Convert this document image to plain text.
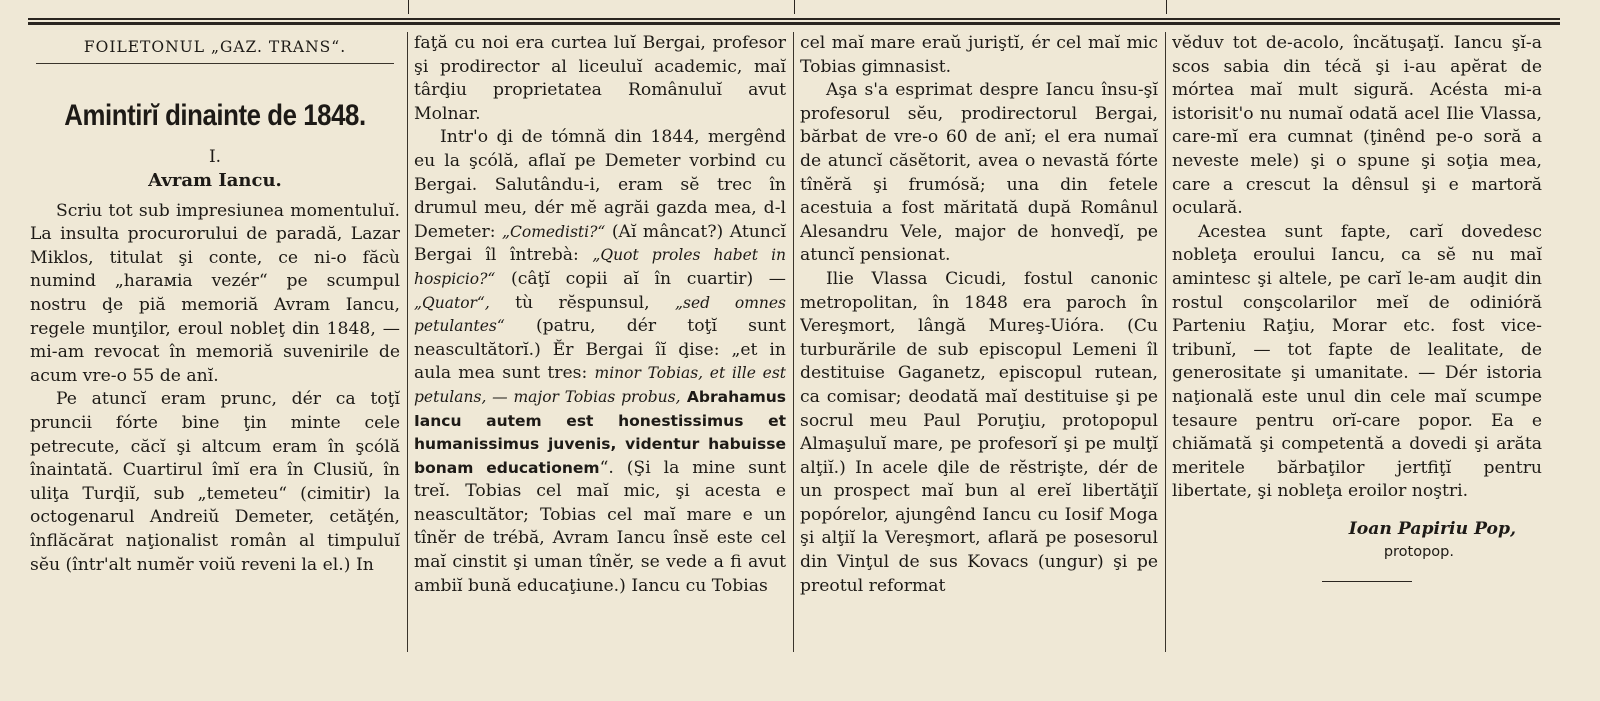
FOILETONUL „GAZ. TRANS“.
Amintirĭ dinainte de 1848.
I.
Avram Iancu.

Scriu tot sub impresiunea momentuluĭ. La insulta procurorului de paradă, Lazar Miklos, titulat şi conte, ce ni-o făcù numind „harамia vezér“ pe scumpul nostru ḑe piă memoriă Avram Iancu, regele munţilor, eroul nobleţ din 1848, — mi-am revocat în memoriă suvenirile de acum vre-o 55 de anĭ.

Pe atuncĭ eram prunc, dér ca toţĭ pruncii fórte bine ţin minte cele petrecute, căcĭ şi altcum eram în şcólă înaintată. Cuartirul îmĭ era în Clusiŭ, în uliţa Turḑiĭ, sub „temeteu“ (cimitir) la octogenarul Andreiŭ Demeter, cetăţén, înflăcărat naţionalist român al timpuluĭ sĕu (într'alt numĕr voiŭ reveni la el.) In

faţă cu noi era curtea luĭ Bergai, profesor şi prodirector al liceuluĭ academic, maĭ târḑiu proprietatea Românuluĭ avut Molnar.

Intr'o ḑi de tómnă din 1844, mergênd eu la şcólă, aflaĭ pe Demeter vorbind cu Bergai. Salutându-i, eram sĕ trec în drumul meu, dér mĕ agrăi gazda mea, d-l Demeter: „Comedisti?“ (Aĭ mâncat?) Atuncĭ Bergai îl întrebà: „Quot proles habet in hospicio?“ (câţĭ copii aĭ în cuartir) — „Quator“, tù rĕspunsul, „sed omnes petulantes“ (patru, dér toţĭ sunt neascultătorĭ.) Ĕr Bergai îĭ ḑise: „et in aula mea sunt tres: minor Tobias, et ille est petulans, — major Tobias probus, Abrahamus Iancu autem est honestissimus et humanissimus juvenis, videntur habuisse bonam educationem“. (Şi la mine sunt treĭ. Tobias cel maĭ mic, şi acesta e neascultător; Tobias cel maĭ mare e un tînĕr de trébă, Avram Iancu însĕ este cel maĭ cinstit şi uman tînĕr, se vede a fi avut ambiĭ bună educaţiune.) Iancu cu Tobias

cel maĭ mare eraŭ juriştĭ, ér cel maĭ mic Tobias gimnasist.

Aşa s'a esprimat despre Iancu însu-şĭ profesorul sĕu, prodirectorul Bergai, bărbat de vre-o 60 de anĭ; el era numaĭ de atuncĭ căsĕtorit, avea o nevastă fórte tînĕră şi frumósă; una din fetele acestuia a fost măritată după Românul Alesandru Vele, major de honveḑĭ, pe atuncĭ pensionat.

Ilie Vlassa Cicudi, fostul canonic metropolitan, în 1848 era paroch în Vereşmort, lângă Mureş-Uióra. (Cu turburările de sub episcopul Lemeni îl destituise Gaganetz, episcopul rutean, ca comisar; deodată maĭ destituise şi pe socrul meu Paul Poruţiu, protopopul Almaşuluĭ mare, pe profesorĭ şi pe mulţĭ alţiĭ.) In acele ḑile de rĕstrişte, dér de un prospect maĭ bun al ereĭ libertăţiĭ popórelor, ajungênd Iancu cu Iosif Moga şi alţiĭ la Vereşmort, aflară pe posesorul din Vinţul de sus Kovacs (ungur) şi pe preotul reformat

vĕduv tot de-acolo, încătuşaţĭ. Iancu şĭ-a scos sabia din técă şi i-au apĕrat de mórtea maĭ mult sigură. Acésta mi-a istorisit'o nu numaĭ odată acel Ilie Vlassa, care-mĭ era cumnat (ţinênd pe-o soră a neveste mele) şi o spune şi soţia mea, care a crescut la dênsul şi e martoră oculară.

Acestea sunt fapte, carĭ dovedesc nobleţa eroului Iancu, ca sĕ nu maĭ amintesc şi altele, pe carĭ le-am auḑit din rostul conşcolarilor meĭ de odinióră Parteniu Raţiu, Morar etc. fost vice-tribunĭ, — tot fapte de lealitate, de generositate şi umanitate. — Dér istoria naţională este unul din cele maĭ scumpe tesaure pentru orĭ-care popor. Ea e chiămată şi competentă a dovedi şi arăta meritele bărbaţilor jertfiţĭ pentru libertate, şi nobleţa eroilor noştri.

Ioan Papiriu Pop,
protopop.
